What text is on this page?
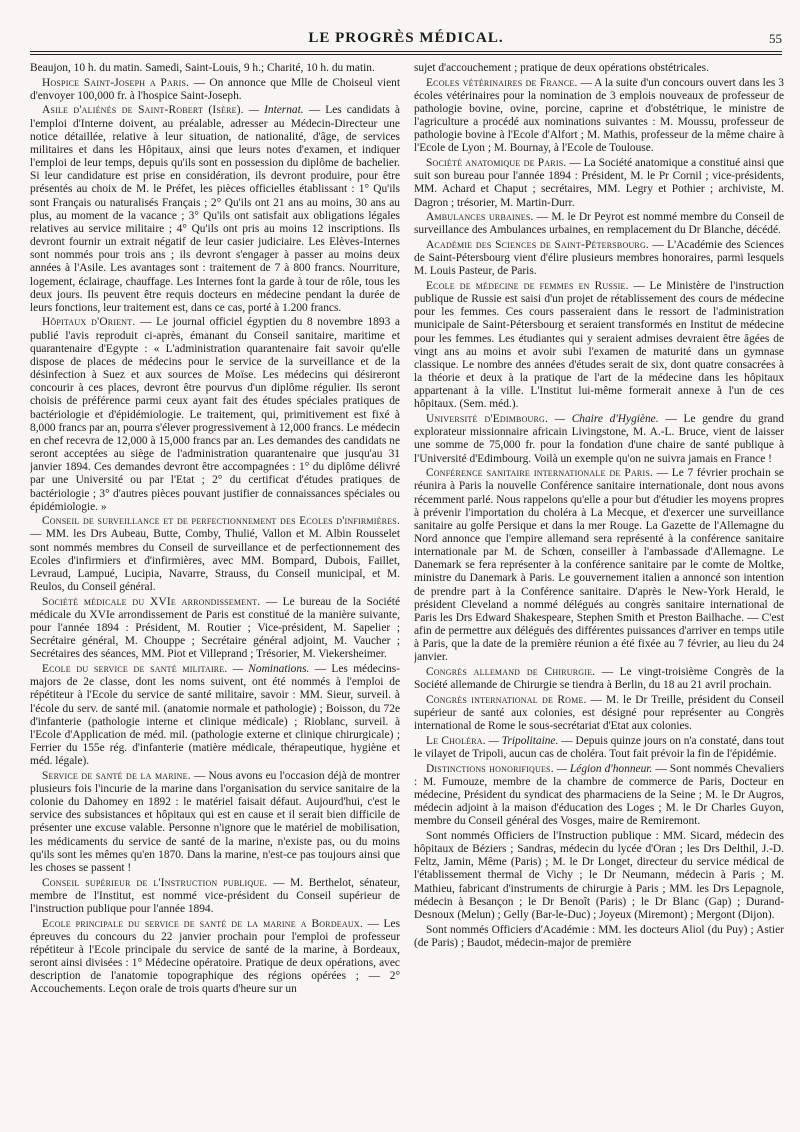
LE PROGRÈS MÉDICAL.	55

Beaujon, 10 h. du matin. Samedi, Saint-Louis, 9 h.; Charité, 10 h. du matin.

Hospice Saint-Joseph a Paris. — On annonce que Mlle de Choiseul vient d'envoyer 100,000 fr. à l'hospice Saint-Joseph.

Asile d'aliénés de Saint-Robert (Isère). — Internat. — Les candidats à l'emploi d'Interne doivent, au préalable, adresser au Médecin-Directeur une notice détaillée, relative à leur situation, de nationalité, d'âge, de services militaires et dans les Hôpitaux, ainsi que leurs notes d'examen, et indiquer l'emploi de leur temps, depuis qu'ils sont en possession du diplôme de bachelier. Si leur candidature est prise en considération, ils devront produire, pour être présentés au choix de M. le Préfet, les pièces officielles établissant : 1° Qu'ils sont Français ou naturalisés Français ; 2° Qu'ils ont 21 ans au moins, 30 ans au plus, au moment de la vacance ; 3° Qu'ils ont satisfait aux obligations légales relatives au service militaire ; 4° Qu'ils ont pris au moins 12 inscriptions. Ils devront fournir un extrait négatif de leur casier judiciaire. Les Elèves-Internes sont nommés pour trois ans ; ils devront s'engager à passer au moins deux années à l'Asile. Les avantages sont : traitement de 7 à 800 francs. Nourriture, logement, éclairage, chauffage. Les Internes font la garde à tour de rôle, tous les deux jours. Ils peuvent être requis docteurs en médecine pendant la durée de leurs fonctions, leur traitement est, dans ce cas, porté à 1.200 francs.

Hôpitaux d'Orient. — Le journal officiel égyptien du 8 novembre 1893 a publié l'avis reproduit ci-après, émanant du Conseil sanitaire, maritime et quarantenaire d'Egypte : « L'administration quarantenaire fait savoir qu'elle dispose de places de médecins pour le service de la surveillance et de la désinfection à Suez et aux sources de Moïse. Les médecins qui désireront concourir à ces places, devront être pourvus d'un diplôme régulier. Ils seront choisis de préférence parmi ceux ayant fait des études spéciales pratiques de bactériologie et d'épidémiologie. Le traitement, qui, primitivement est fixé à 8,000 francs par an, pourra s'élever progressivement à 12,000 francs. Le médecin en chef recevra de 12,000 à 15,000 francs par an. Les demandes des candidats ne seront acceptées au siège de l'administration quarantenaire que jusqu'au 31 janvier 1894. Ces demandes devront être accompagnées : 1° du diplôme délivré par une Université ou par l'Etat ; 2° du certificat d'études pratiques de bactériologie ; 3° d'autres pièces pouvant justifier de connaissances spéciales ou épidémiologie. »

Conseil de surveillance et de perfectionnement des Ecoles d'infirmières. — MM. les Drs Aubeau, Butte, Comby, Thulié, Vallon et M. Albin Rousselet sont nommés membres du Conseil de surveillance et de perfectionnement des Ecoles d'infirmiers et d'infirmières, avec MM. Bompard, Dubois, Faillet, Levraud, Lampué, Lucipia, Navarre, Strauss, du Conseil municipal, et M. Reulos, du Conseil général.

Société médicale du XVIe arrondissement. — Le bureau de la Société médicale du XVIe arrondissement de Paris est constitué de la manière suivante, pour l'année 1894 : Président, M. Routier ; Vice-président, M. Sapelier ; Secrétaire général, M. Chouppe ; Secrétaire général adjoint, M. Vaucher ; Secrétaires des séances, MM. Piot et Villeprand ; Trésorier, M. Viekersheimer.

Ecole du service de santé militaire. — Nominations. — Les médecins-majors de 2e classe, dont les noms suivent, ont été nommés à l'emploi de répétiteur à l'Ecole du service de santé militaire, savoir : MM. Sieur, surveil. à l'école du serv. de santé mil. (anatomie normale et pathologie) ; Boisson, du 72e d'infanterie (pathologie interne et clinique médicale) ; Rioblanc, surveil. à l'Ecole d'Application de méd. mil. (pathologie externe et clinique chirurgicale) ; Ferrier du 155e rég. d'infanterie (matière médicale, thérapeutique, hygiène et méd. légale).

Service de santé de la marine. — Nous avons eu l'occasion déjà de montrer plusieurs fois l'incurie de la marine dans l'organisation du service sanitaire de la colonie du Dahomey en 1892 : le matériel faisait défaut. Aujourd'hui, c'est le service des subsistances et hôpitaux qui est en cause et il serait bien difficile de présenter une excuse valable. Personne n'ignore que le matériel de mobilisation, les médicaments du service de santé de la marine, n'existe pas, ou du moins qu'ils sont les mêmes qu'en 1870. Dans la marine, n'est-ce pas toujours ainsi que les choses se passent !

Conseil supérieur de l'Instruction publique. — M. Berthelot, sénateur, membre de l'Institut, est nommé vice-président du Conseil supérieur de l'instruction publique pour l'année 1894.

Ecole principale du service de santé de la marine a Bordeaux. — Les épreuves du concours du 22 janvier prochain pour l'emploi de professeur répétiteur à l'Ecole principale du service de santé de la marine, à Bordeaux, seront ainsi divisées : 1° Médecine opératoire. Pratique de deux opérations, avec description de l'anatomie topographique des régions opérées ; — 2° Accouchements. Leçon orale de trois quarts d'heure sur un

sujet d'accouchement ; pratique de deux opérations obstétricales.

Ecoles vétérinaires de France. — A la suite d'un concours ouvert dans les 3 écoles vétérinaires pour la nomination de 3 emplois nouveaux de professeur de pathologie bovine, ovine, porcine, caprine et d'obstétrique, le ministre de l'agriculture a procédé aux nominations suivantes : M. Moussu, professeur de pathologie bovine à l'Ecole d'Alfort ; M. Mathis, professeur de la même chaire à l'Ecole de Lyon ; M. Bournay, à l'Ecole de Toulouse.

Société anatomique de Paris. — La Société anatomique a constitué ainsi que suit son bureau pour l'année 1894 : Président, M. le Pr Cornil ; vice-présidents, MM. Achard et Chaput ; secrétaires, MM. Legry et Pothier ; archiviste, M. Dagron ; trésorier, M. Martin-Durr.

Ambulances urbaines. — M. le Dr Peyrot est nommé membre du Conseil de surveillance des Ambulances urbaines, en remplacement du Dr Blanche, décédé.

Académie des Sciences de Saint-Pétersbourg. — L'Académie des Sciences de Saint-Pétersbourg vient d'élire plusieurs membres honoraires, parmi lesquels M. Louis Pasteur, de Paris.

Ecole de médecine de femmes en Russie. — Le Ministère de l'instruction publique de Russie est saisi d'un projet de rétablissement des cours de médecine pour les femmes. Ces cours passeraient dans le ressort de l'administration municipale de Saint-Pétersbourg et seraient transformés en Institut de médecine pour les femmes. Les étudiantes qui y seraient admises devraient être âgées de vingt ans au moins et avoir subi l'examen de maturité dans un gymnase classique. Le nombre des années d'études serait de six, dont quatre consacrées à la théorie et deux à la pratique de l'art de la médecine dans les hôpitaux appartenant à la ville. L'Institut lui-même formerait annexe à l'un de ces hôpitaux. (Sem. méd.).

Université d'Edimbourg. — Chaire d'Hygiène. — Le gendre du grand explorateur missionnaire africain Livingstone, M. A.-L. Bruce, vient de laisser une somme de 75,000 fr. pour la fondation d'une chaire de santé publique à l'Université d'Edimbourg. Voilà un exemple qu'on ne suivra jamais en France !

Conférence sanitaire internationale de Paris. — Le 7 février prochain se réunira à Paris la nouvelle Conférence sanitaire internationale, dont nous avons récemment parlé. Nous rappelons qu'elle a pour but d'étudier les moyens propres à prévenir l'importation du choléra à La Mecque, et d'exercer une surveillance sanitaire au golfe Persique et dans la mer Rouge. La Gazette de l'Allemagne du Nord annonce que l'empire allemand sera représenté à la conférence sanitaire internationale par M. de Schœn, conseiller à l'ambassade d'Allemagne. Le Danemark se fera représenter à la conférence sanitaire par le comte de Moltke, ministre du Danemark à Paris. Le gouvernement italien a annoncé son intention de prendre part à la Conférence sanitaire. D'après le New-York Herald, le président Cleveland a nommé délégués au congrès sanitaire international de Paris les Drs Edward Shakespeare, Stephen Smith et Preston Bailhache. — C'est afin de permettre aux délégués des différentes puissances d'arriver en temps utile à Paris, que la date de la première réunion a été fixée au 7 février, au lieu du 24 janvier.

Congrès allemand de Chirurgie. — Le vingt-troisième Congrès de la Société allemande de Chirurgie se tiendra à Berlin, du 18 au 21 avril prochain.

Congrès international de Rome. — M. le Dr Treille, président du Conseil supérieur de santé aux colonies, est désigné pour représenter au Congrès international de Rome le sous-secrétariat d'Etat aux colonies.

Le Choléra. — Tripolitaine. — Depuis quinze jours on n'a constaté, dans tout le vilayet de Tripoli, aucun cas de choléra. Tout fait prévoir la fin de l'épidémie.

Distinctions honorifiques. — Légion d'honneur. — Sont nommés Chevaliers : M. Fumouze, membre de la chambre de commerce de Paris, Docteur en médecine, Président du syndicat des pharmaciens de la Seine ; M. le Dr Augros, médecin adjoint à la maison d'éducation des Loges ; M. le Dr Charles Guyon, membre du Conseil général des Vosges, maire de Remiremont.

Sont nommés Officiers de l'Instruction publique : MM. Sicard, médecin des hôpitaux de Béziers ; Sandras, médecin du lycée d'Oran ; les Drs Delthil, J.-D. Feltz, Jamin, Même (Paris) ; M. le Dr Longet, directeur du service médical de l'établissement thermal de Vichy ; le Dr Neumann, médecin à Paris ; M. Mathieu, fabricant d'instruments de chirurgie à Paris ; MM. les Drs Lepagnole, médecin à Besançon ; le Dr Benoît (Paris) ; le Dr Blanc (Gap) ; Durand-Desnoux (Melun) ; Gelly (Bar-le-Duc) ; Joyeux (Miremont) ; Mergont (Dijon).

Sont nommés Officiers d'Académie : MM. les docteurs Aliol (du Puy) ; Astier (de Paris) ; Baudot, médecin-major de première
